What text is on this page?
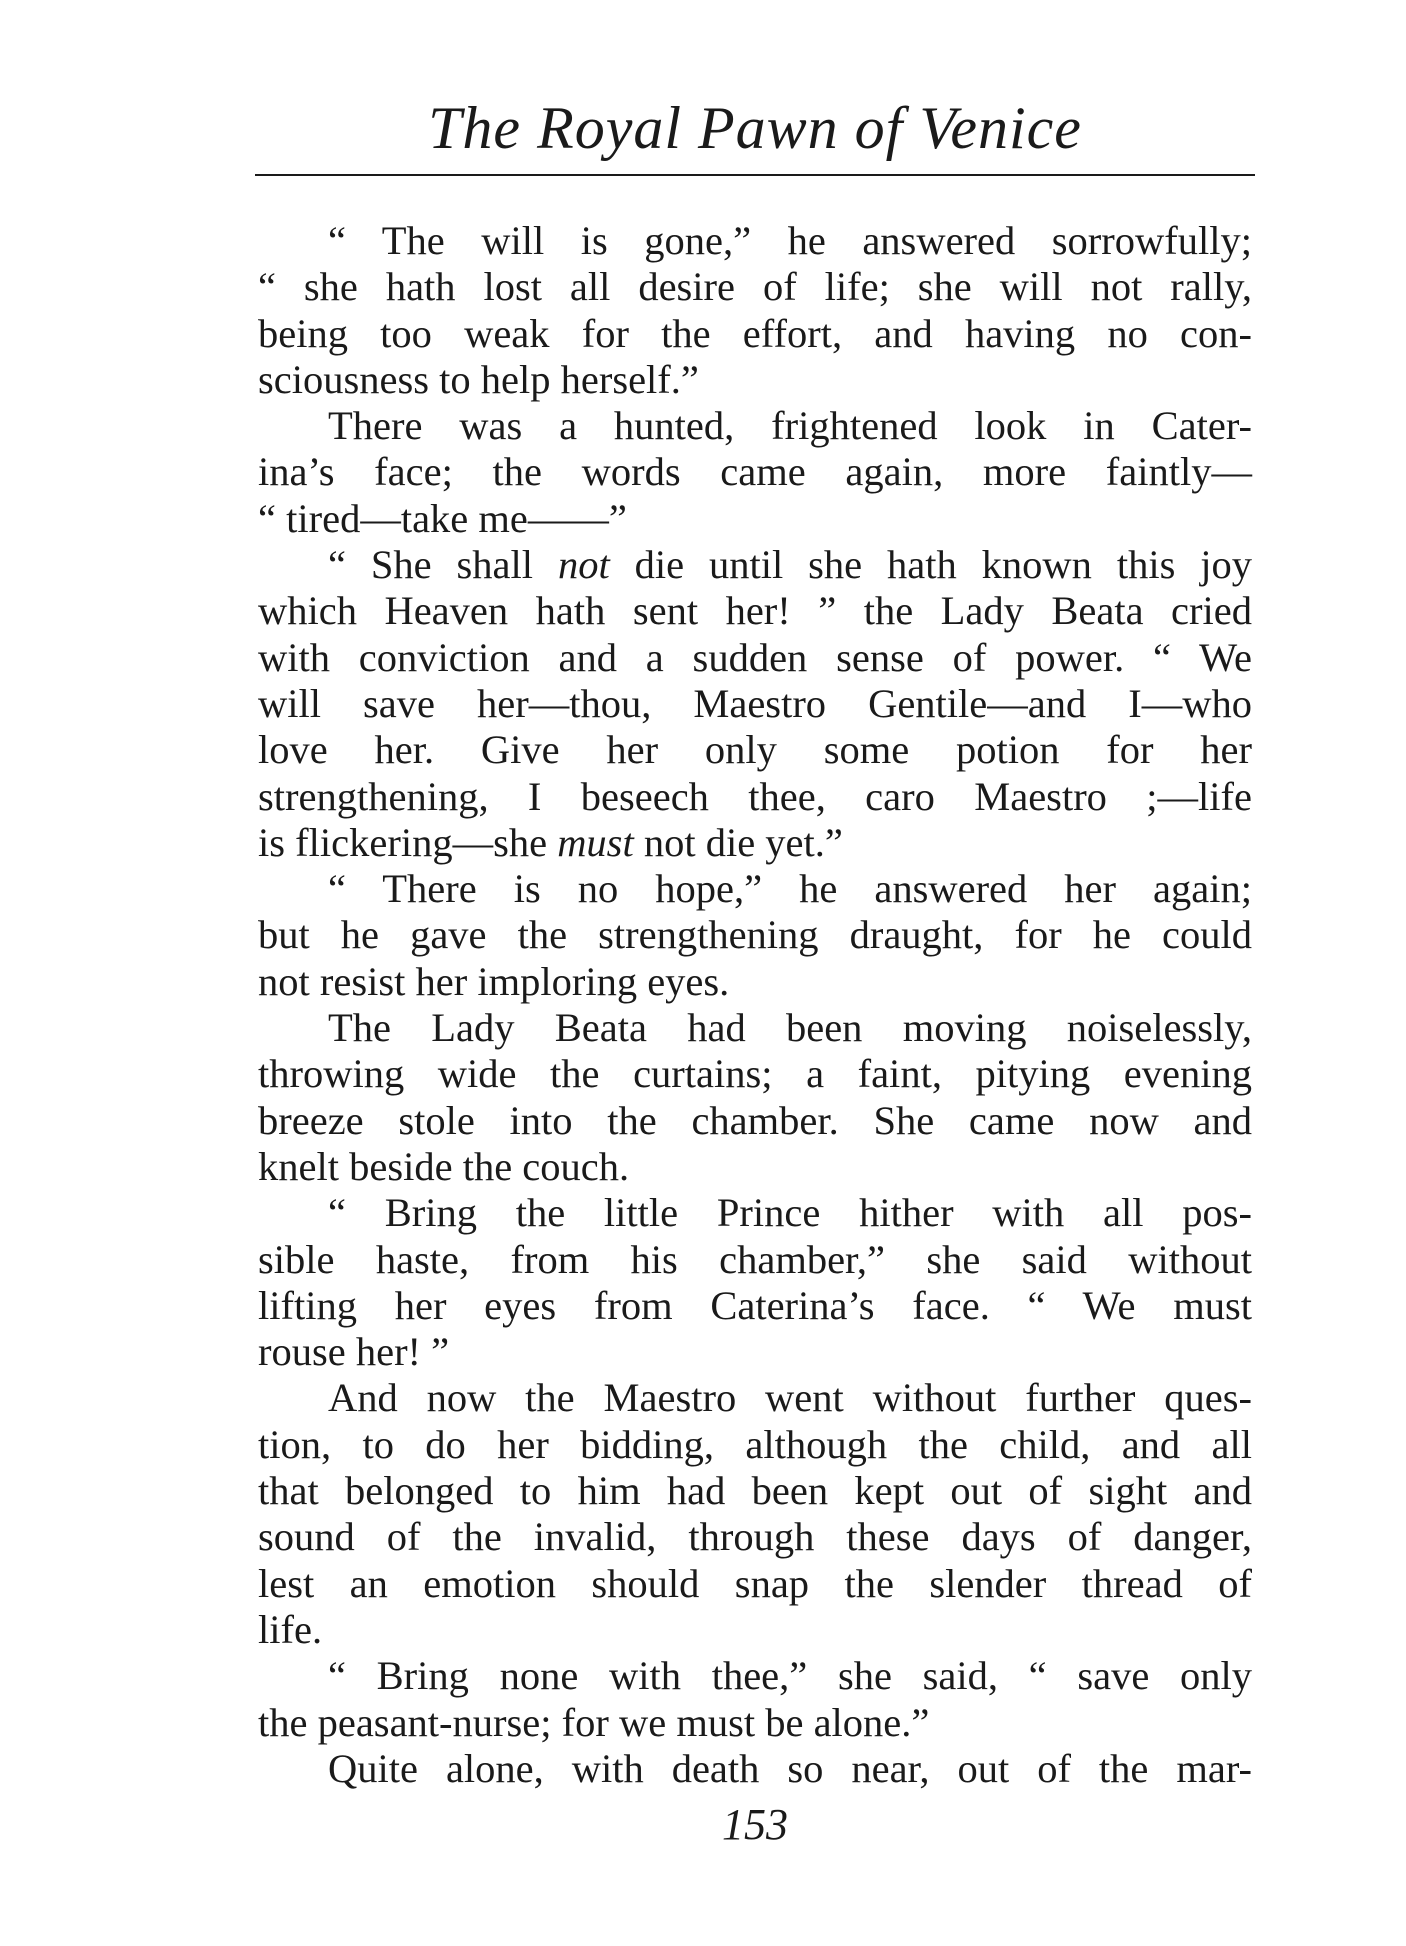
The Royal Pawn of Venice
“ The will is gone,” he answered sorrowfully;
“ she hath lost all desire of life; she will not rally,
being too weak for the effort, and having no con-
sciousness to help herself.”
There was a hunted, frightened look in Cater-
ina’s face; the words came again, more faintly—
“ tired—take me——”
“ She shall not die until she hath known this joy
which Heaven hath sent her! ” the Lady Beata cried
with conviction and a sudden sense of power. “ We
will save her—thou, Maestro Gentile—and I—who
love her. Give her only some potion for her
strengthening, I beseech thee, caro Maestro ;—life
is flickering—she must not die yet.”
“ There is no hope,” he answered her again;
but he gave the strengthening draught, for he could
not resist her imploring eyes.
The Lady Beata had been moving noiselessly,
throwing wide the curtains; a faint, pitying evening
breeze stole into the chamber. She came now and
knelt beside the couch.
“ Bring the little Prince hither with all pos-
sible haste, from his chamber,” she said without
lifting her eyes from Caterina’s face. “ We must
rouse her! ”
And now the Maestro went without further ques-
tion, to do her bidding, although the child, and all
that belonged to him had been kept out of sight and
sound of the invalid, through these days of danger,
lest an emotion should snap the slender thread of
life.
“ Bring none with thee,” she said, “ save only
the peasant-nurse; for we must be alone.”
Quite alone, with death so near, out of the mar-
153
